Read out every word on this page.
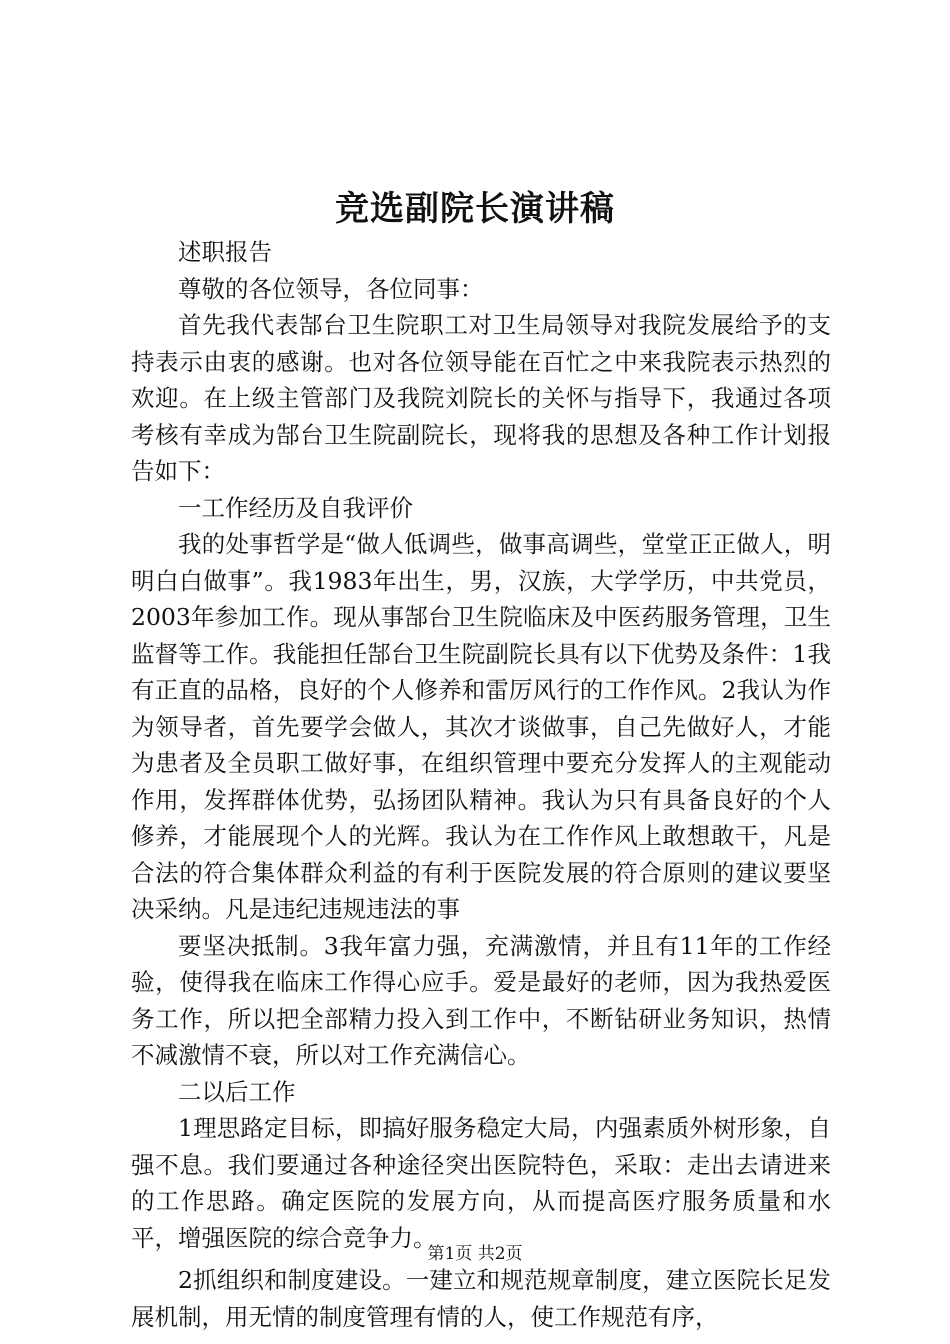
竞选副院长演讲稿

述职报告

尊敬的各位领导，各位同事：

首先我代表郜台卫生院职工对卫生局领导对我院发展给予的支持表示由衷的感谢。也对各位领导能在百忙之中来我院表示热烈的欢迎。在上级主管部门及我院刘院长的关怀与指导下，我通过各项考核有幸成为郜台卫生院副院长，现将我的思想及各种工作计划报告如下：

一工作经历及自我评价

我的处事哲学是“做人低调些，做事高调些，堂堂正正做人，明明白白做事”。我1983年出生，男，汉族，大学学历，中共党员，2003年参加工作。现从事郜台卫生院临床及中医药服务管理，卫生监督等工作。我能担任郜台卫生院副院长具有以下优势及条件：1我有正直的品格，良好的个人修养和雷厉风行的工作作风。2我认为作为领导者，首先要学会做人，其次才谈做事，自己先做好人，才能为患者及全员职工做好事，在组织管理中要充分发挥人的主观能动作用，发挥群体优势，弘扬团队精神。我认为只有具备良好的个人修养，才能展现个人的光辉。我认为在工作作风上敢想敢干，凡是合法的符合集体群众利益的有利于医院发展的符合原则的建议要坚决采纳。凡是违纪违规违法的事

要坚决抵制。3我年富力强，充满激情，并且有11年的工作经验，使得我在临床工作得心应手。爱是最好的老师，因为我热爱医务工作，所以把全部精力投入到工作中，不断钻研业务知识，热情不减激情不衰，所以对工作充满信心。

二以后工作

1理思路定目标，即搞好服务稳定大局，内强素质外树形象，自强不息。我们要通过各种途径突出医院特色，采取：走出去请进来的工作思路。确定医院的发展方向，从而提高医疗服务质量和水平，增强医院的综合竞争力。

2抓组织和制度建设。一建立和规范规章制度，建立医院长足发展机制，用无情的制度管理有情的人，使工作规范有序，

第1页 共2页
